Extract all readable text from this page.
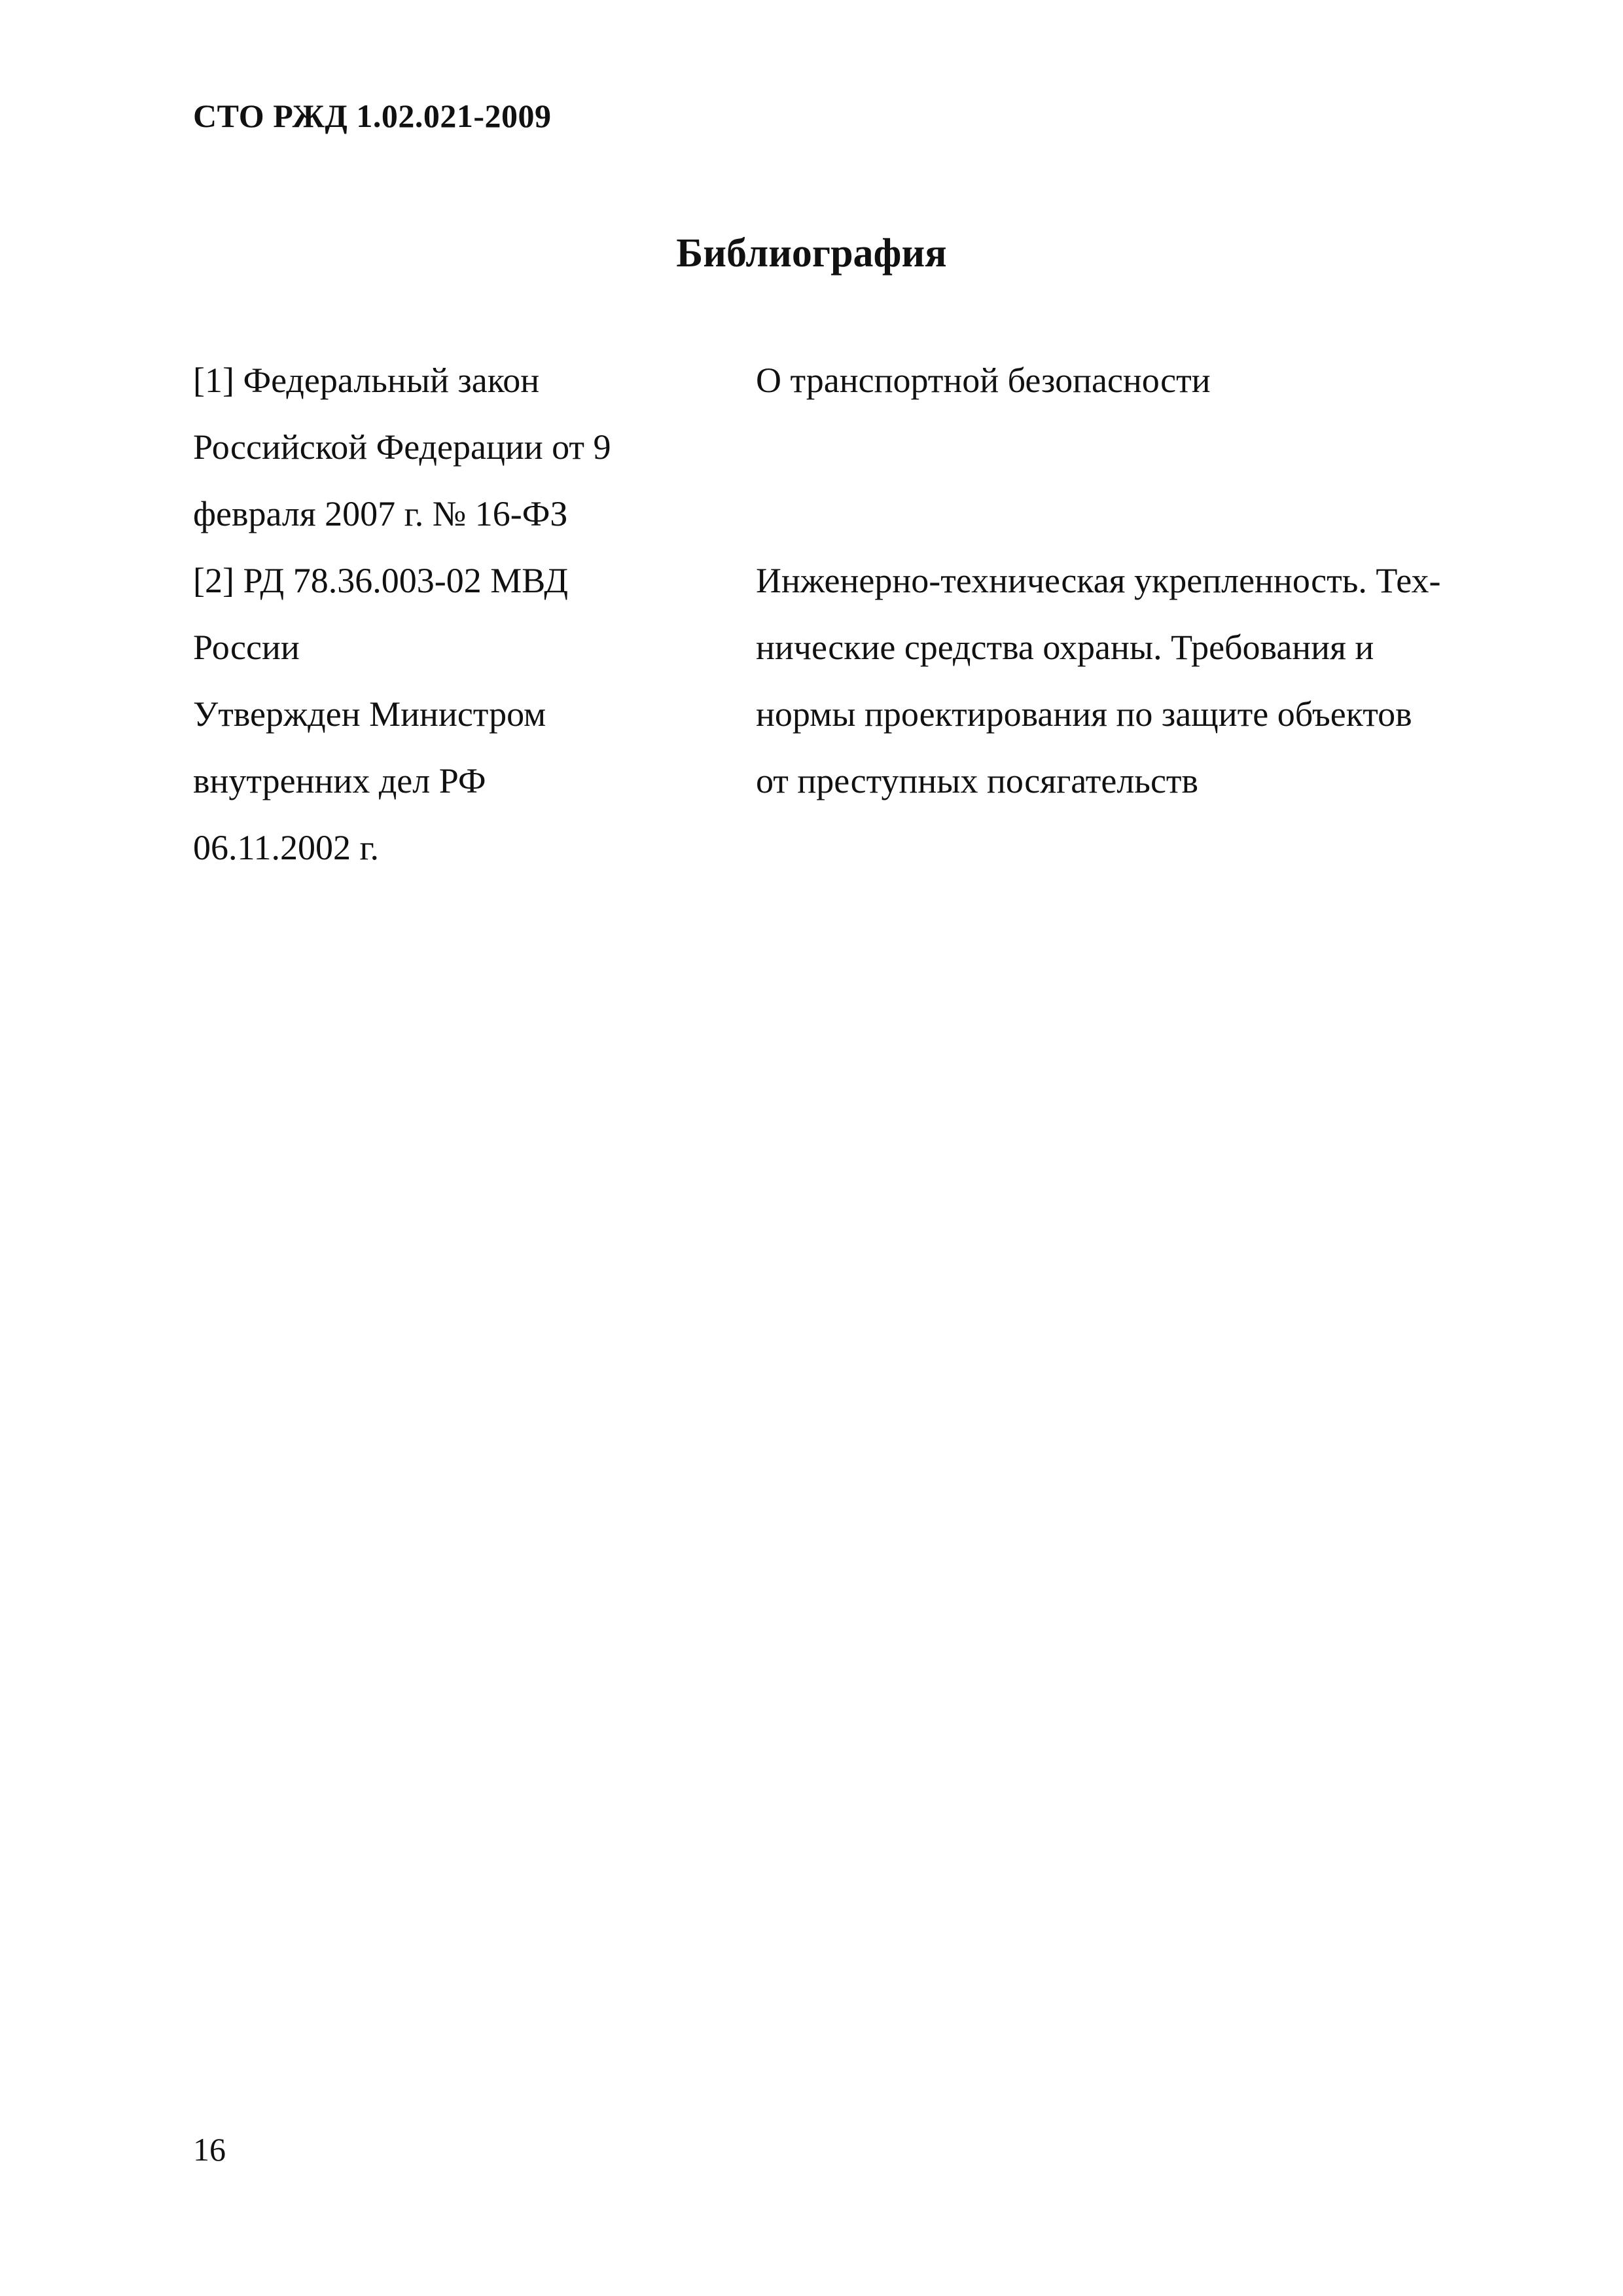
СТО РЖД 1.02.021-2009
Библиография
[1] Федеральный закон
Российской Федерации от 9
февраля 2007 г. № 16-ФЗ
О транспортной безопасности
[2] РД 78.36.003-02 МВД
России
Утвержден Министром
внутренних дел РФ
06.11.2002 г.
Инженерно-техническая укрепленность. Тех-
нические средства охраны. Требования и
нормы проектирования по защите объектов
от преступных посягательств
16
